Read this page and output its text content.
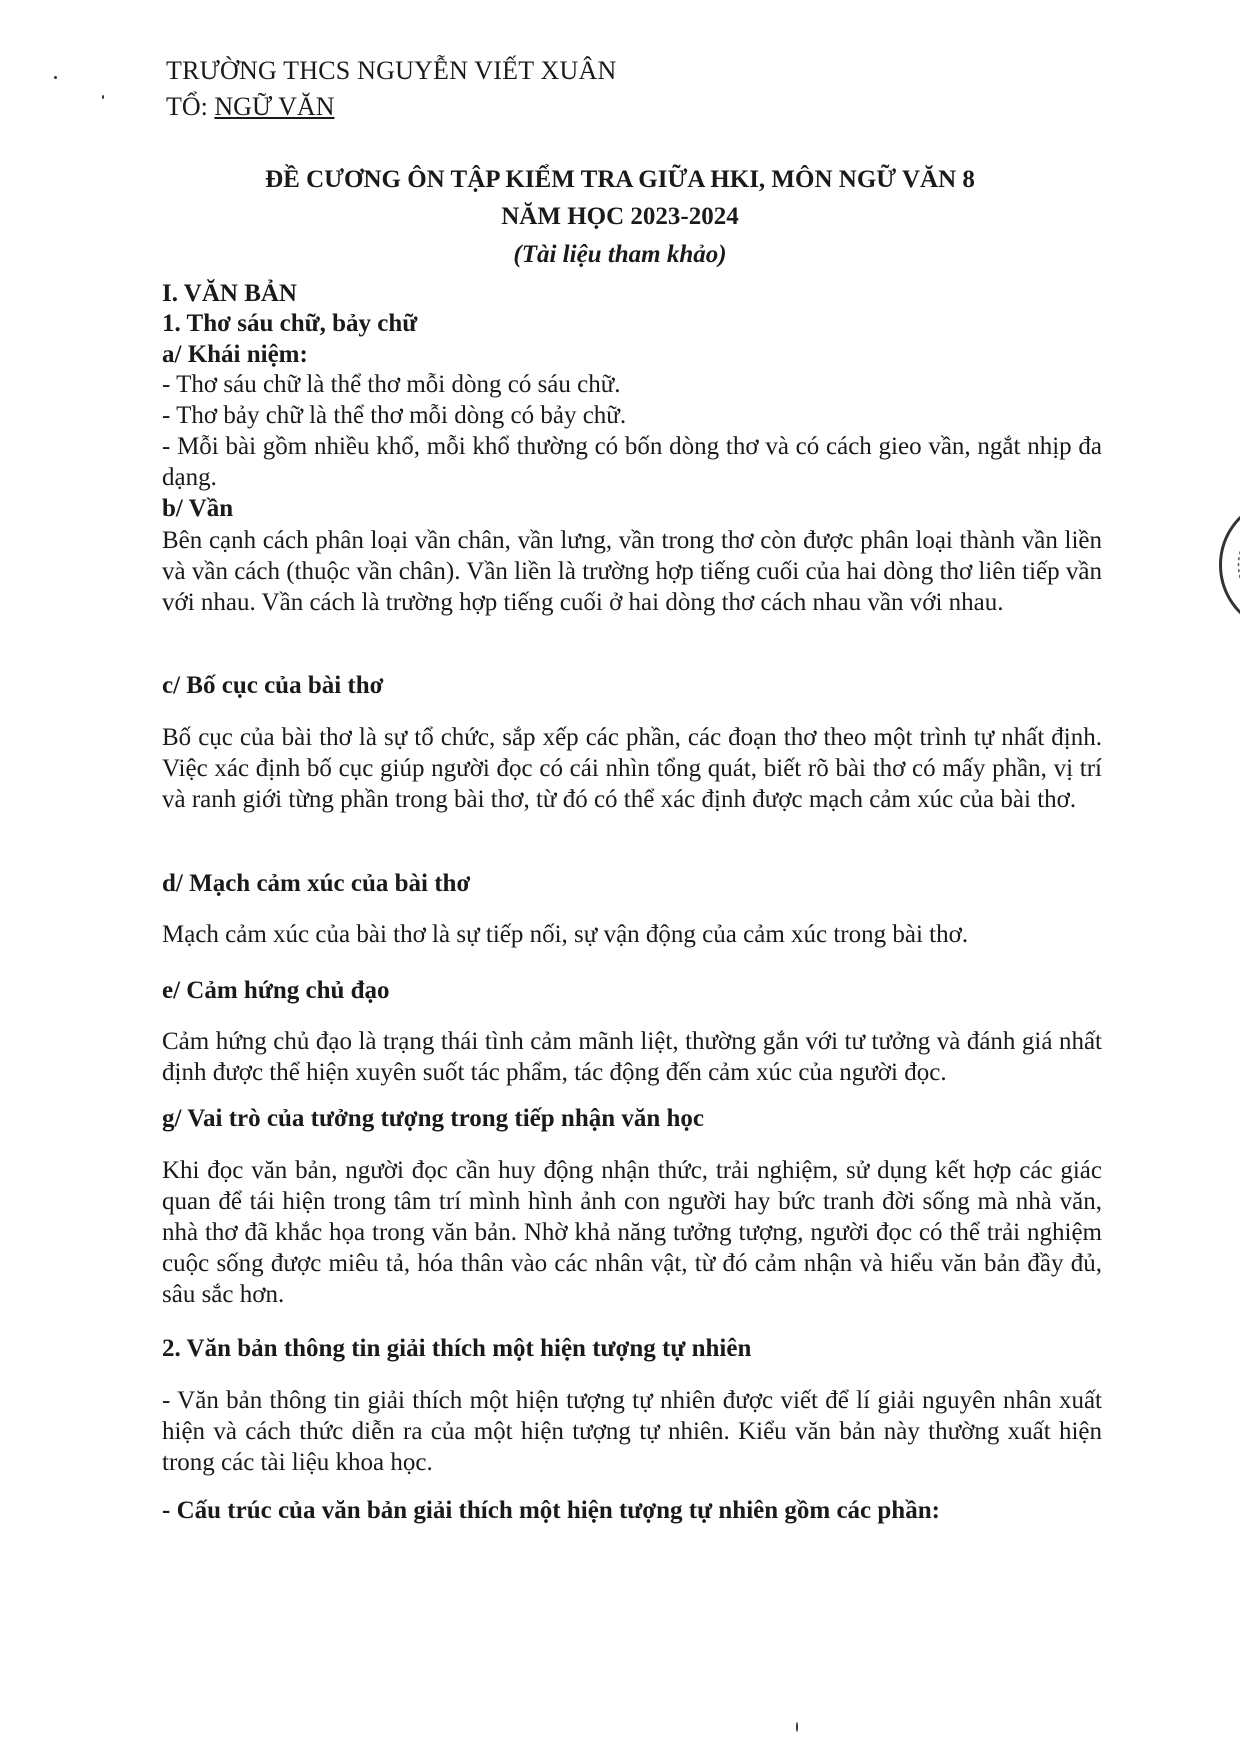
TRƯỜNG THCS NGUYỄN VIẾT XUÂN
TỔ: NGỮ VĂN
ĐỀ CƯƠNG ÔN TẬP KIỂM TRA GIỮA HKI, MÔN NGỮ VĂN 8
NĂM HỌC 2023-2024
(Tài liệu tham khảo)
I. VĂN BẢN
1. Thơ sáu chữ, bảy chữ
a/ Khái niệm:
- Thơ sáu chữ là thể thơ mỗi dòng có sáu chữ.
- Thơ bảy chữ là thể thơ mỗi dòng có bảy chữ.
- Mỗi bài gồm nhiều khổ, mỗi khổ thường có bốn dòng thơ và có cách gieo vần, ngắt nhịp đa dạng.
b/ Vần
Bên cạnh cách phân loại vần chân, vần lưng, vần trong thơ còn được phân loại thành vần liền và vần cách (thuộc vần chân). Vần liền là trường hợp tiếng cuối của hai dòng thơ liên tiếp vần với nhau. Vần cách là trường hợp tiếng cuối ở hai dòng thơ cách nhau vần với nhau.
c/ Bố cục của bài thơ
Bố cục của bài thơ là sự tổ chức, sắp xếp các phần, các đoạn thơ theo một trình tự nhất định. Việc xác định bố cục giúp người đọc có cái nhìn tổng quát, biết rõ bài thơ có mấy phần, vị trí và ranh giới từng phần trong bài thơ, từ đó có thể xác định được mạch cảm xúc của bài thơ.
d/ Mạch cảm xúc của bài thơ
Mạch cảm xúc của bài thơ là sự tiếp nối, sự vận động của cảm xúc trong bài thơ.
e/ Cảm hứng chủ đạo
Cảm hứng chủ đạo là trạng thái tình cảm mãnh liệt, thường gắn với tư tưởng và đánh giá nhất định được thể hiện xuyên suốt tác phẩm, tác động đến cảm xúc của người đọc.
g/ Vai trò của tưởng tượng trong tiếp nhận văn học
Khi đọc văn bản, người đọc cần huy động nhận thức, trải nghiệm, sử dụng kết hợp các giác quan để tái hiện trong tâm trí mình hình ảnh con người hay bức tranh đời sống mà nhà văn, nhà thơ đã khắc họa trong văn bản. Nhờ khả năng tưởng tượng, người đọc có thể trải nghiệm cuộc sống được miêu tả, hóa thân vào các nhân vật, từ đó cảm nhận và hiểu văn bản đầy đủ, sâu sắc hơn.
2. Văn bản thông tin giải thích một hiện tượng tự nhiên
- Văn bản thông tin giải thích một hiện tượng tự nhiên được viết để lí giải nguyên nhân xuất hiện và cách thức diễn ra của một hiện tượng tự nhiên. Kiểu văn bản này thường xuất hiện trong các tài liệu khoa học.
- Cấu trúc của văn bản giải thích một hiện tượng tự nhiên gồm các phần:
